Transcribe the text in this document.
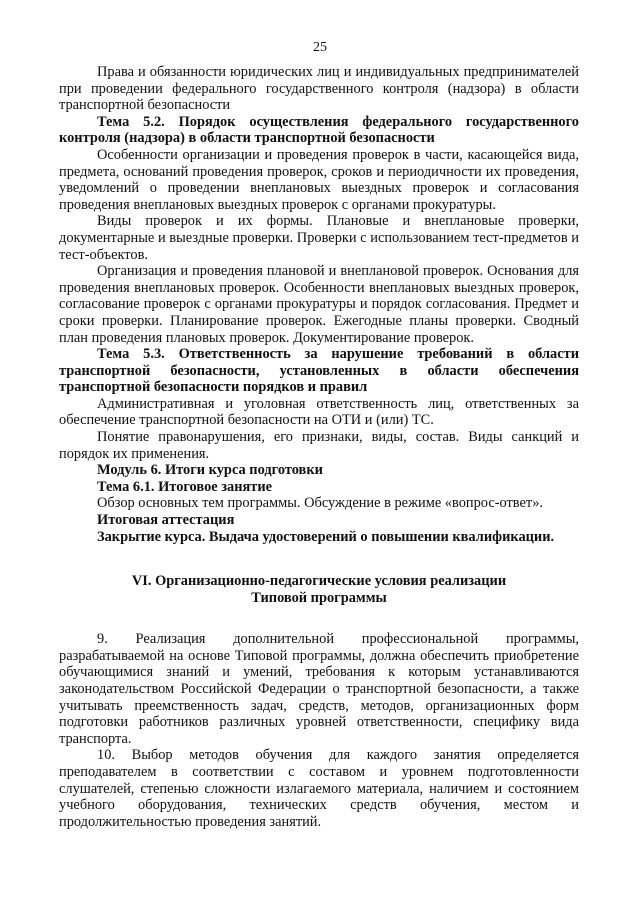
25

Права и обязанности юридических лиц и индивидуальных предпринимателей при проведении федерального государственного контроля (надзора) в области транспортной безопасности

Тема 5.2. Порядок осуществления федерального государственного контроля (надзора) в области транспортной безопасности

Особенности организации и проведения проверок в части, касающейся вида, предмета, оснований проведения проверок, сроков и периодичности их проведения, уведомлений о проведении внеплановых выездных проверок и согласования проведения внеплановых выездных проверок с органами прокуратуры.

Виды проверок и их формы. Плановые и внеплановые проверки, документарные и выездные проверки. Проверки с использованием тест-предметов и тест-объектов.

Организация и проведения плановой и внеплановой проверок. Основания для проведения внеплановых проверок. Особенности внеплановых выездных проверок, согласование проверок с органами прокуратуры и порядок согласования. Предмет и сроки проверки. Планирование проверок. Ежегодные планы проверки. Сводный план проведения плановых проверок. Документирование проверок.

Тема 5.3. Ответственность за нарушение требований в области транспортной безопасности, установленных в области обеспечения транспортной безопасности порядков и правил

Административная и уголовная ответственность лиц, ответственных за обеспечение транспортной безопасности на ОТИ и (или) ТС.

Понятие правонарушения, его признаки, виды, состав. Виды санкций и порядок их применения.

Модуль 6. Итоги курса подготовки

Тема 6.1. Итоговое занятие

Обзор основных тем программы. Обсуждение в режиме «вопрос-ответ».

Итоговая аттестация

Закрытие курса. Выдача удостоверений о повышении квалификации.

VI. Организационно-педагогические условия реализации
Типовой программы

9. Реализация дополнительной профессиональной программы, разрабатываемой на основе Типовой программы, должна обеспечить приобретение обучающимися знаний и умений, требования к которым устанавливаются законодательством Российской Федерации о транспортной безопасности, а также учитывать преемственность задач, средств, методов, организационных форм подготовки работников различных уровней ответственности, специфику вида транспорта.

10. Выбор методов обучения для каждого занятия определяется преподавателем в соответствии с составом и уровнем подготовленности слушателей, степенью сложности излагаемого материала, наличием и состоянием учебного оборудования, технических средств обучения, местом и продолжительностью проведения занятий.
